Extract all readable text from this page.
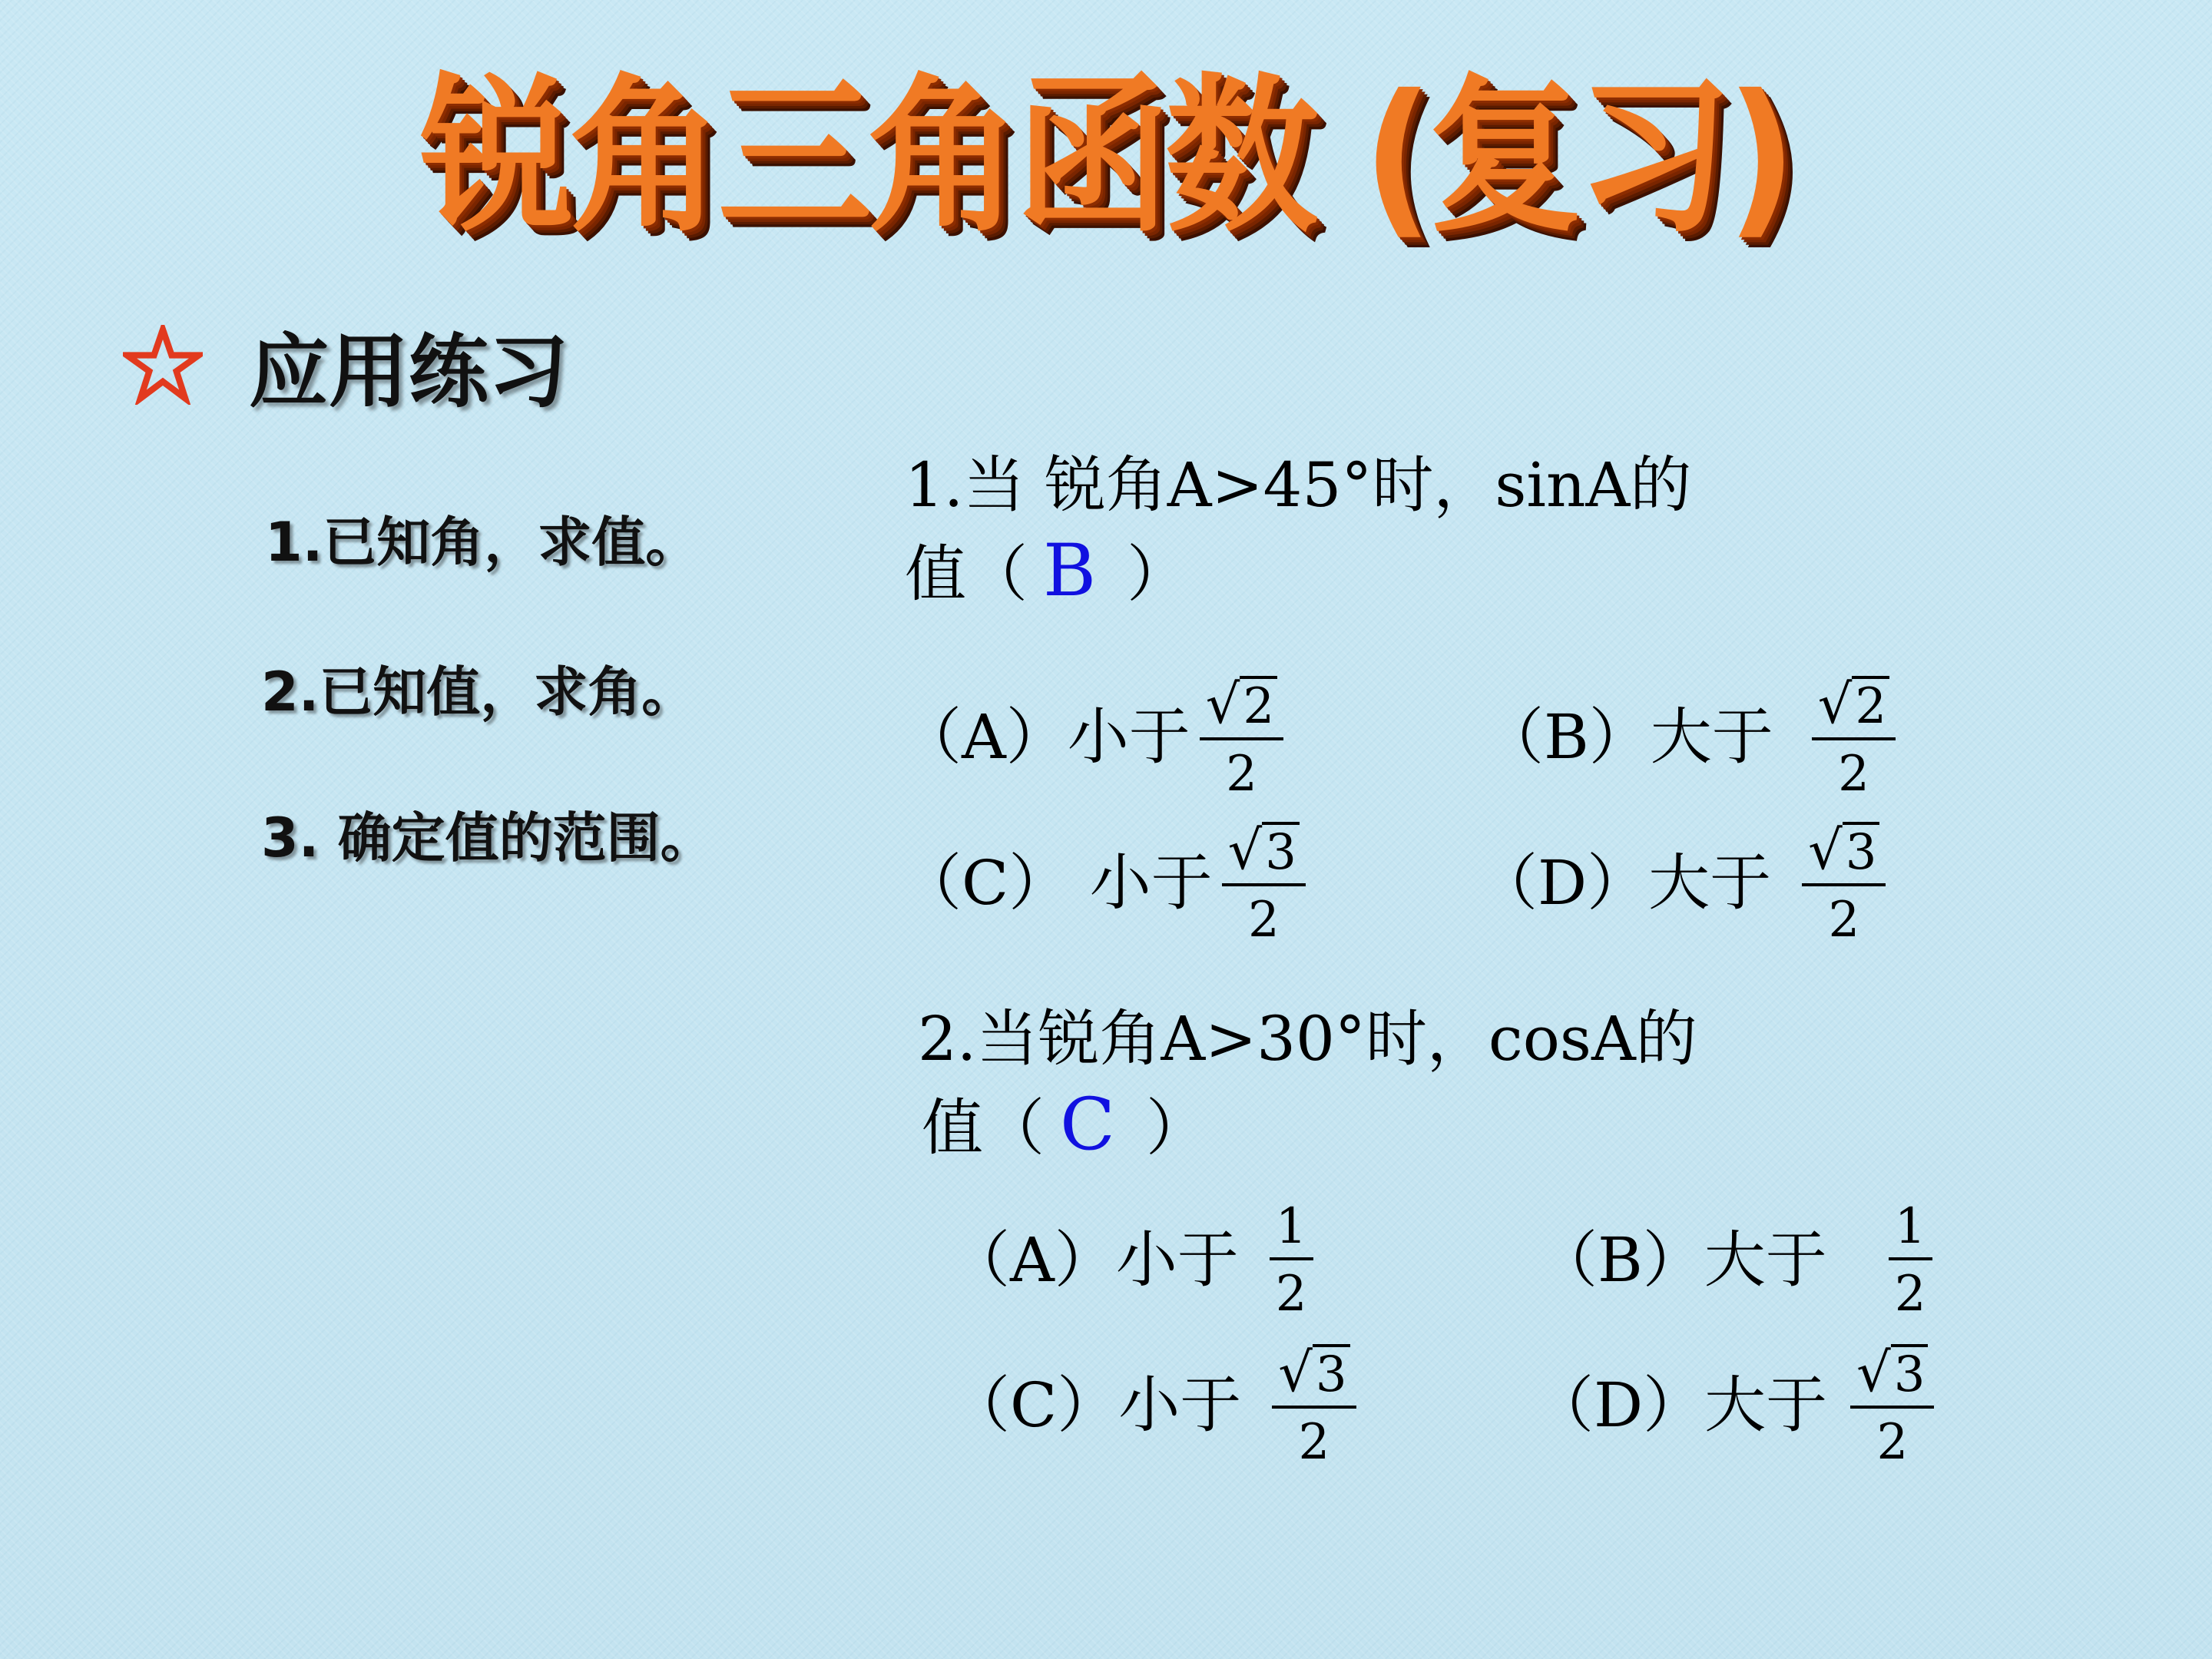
锐角三角函数 (复习)
应用练习
1.已知角，求值。
2.已知值，求角。
3. 确定值的范围。
1.当 锐角A>45°时，sinA的
值（ B ）
（A）小于 $\frac{√ 2}{2}$	（B）大于 $\frac{√ 2}{2}$
（C） 小于 $\frac{√ 3}{2}$	（D）大于 $\frac{√ 3}{2}$
2.当锐角A>30°时，cosA的
值（ C ）
（A）小于 $\frac{1}{2}$	（B）大于 $\frac{1}{2}$
（C）小于 $\frac{√ 3}{2}$	（D）大于 $\frac{√ 3}{2}$
